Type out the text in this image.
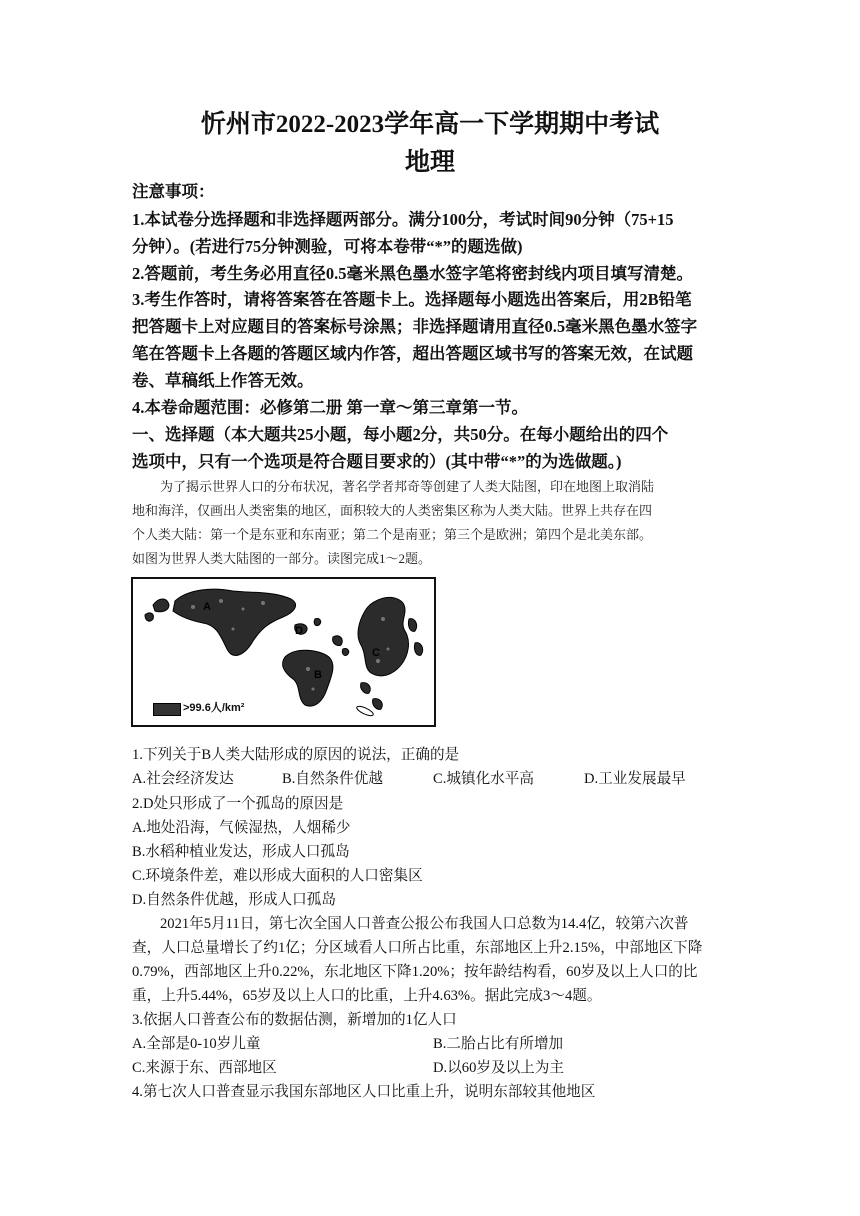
忻州市2022-2023学年高一下学期期中考试
地理
注意事项：
1.本试卷分选择题和非选择题两部分。满分100分，考试时间90分钟（75+15
分钟）。(若进行75分钟测验，可将本卷带“*”的题选做)
2.答题前，考生务必用直径0.5毫米黑色墨水签字笔将密封线内项目填写清楚。
3.考生作答时，请将答案答在答题卡上。选择题每小题选出答案后，用2B铅笔
把答题卡上对应题目的答案标号涂黑；非选择题请用直径0.5毫米黑色墨水签字
笔在答题卡上各题的答题区域内作答，超出答题区域书写的答案无效，在试题
卷、草稿纸上作答无效。
4.本卷命题范围：必修第二册 第一章～第三章第一节。
一、选择题（本大题共25小题，每小题2分，共50分。在每小题给出的四个
选项中，只有一个选项是符合题目要求的）(其中带“*”的为选做题。)
为了揭示世界人口的分布状况，著名学者邦奇等创建了人类大陆图，印在地图上取消陆
地和海洋，仅画出人类密集的地区，面积较大的人类密集区称为人类大陆。世界上共存在四
个人类大陆：第一个是东亚和东南亚；第二个是南亚；第三个是欧洲；第四个是北美东部。
如图为世界人类大陆图的一部分。读图完成1～2题。
A
B
C
D
>99.6人/km²
1.下列关于B人类大陆形成的原因的说法，正确的是
A.社会经济发达	B.自然条件优越	C.城镇化水平高	D.工业发展最早
2.D处只形成了一个孤岛的原因是
A.地处沿海，气候湿热，人烟稀少
B.水稻种植业发达，形成人口孤岛
C.环境条件差，难以形成大面积的人口密集区
D.自然条件优越，形成人口孤岛
2021年5月11日，第七次全国人口普查公报公布我国人口总数为14.4亿，较第六次普
查，人口总量增长了约1亿；分区域看人口所占比重，东部地区上升2.15%，中部地区下降
0.79%，西部地区上升0.22%，东北地区下降1.20%；按年龄结构看，60岁及以上人口的比
重，上升5.44%，65岁及以上人口的比重，上升4.63%。据此完成3～4题。
3.依据人口普查公布的数据估测，新增加的1亿人口
A.全部是0-10岁儿童	B.二胎占比有所增加
C.来源于东、西部地区	D.以60岁及以上为主
4.第七次人口普查显示我国东部地区人口比重上升，说明东部较其他地区
